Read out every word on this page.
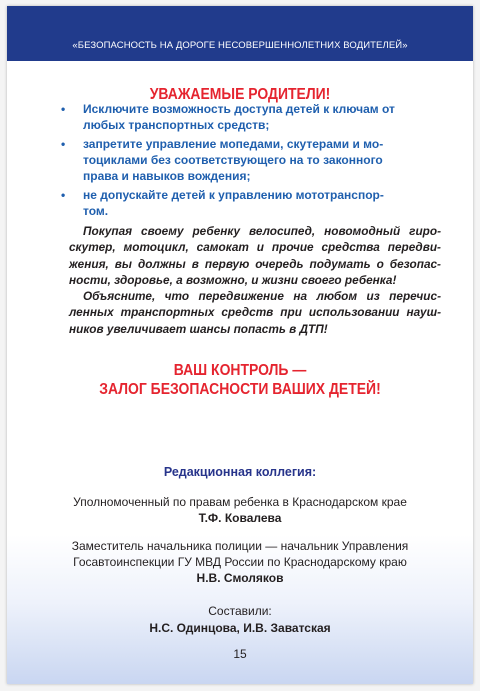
«БЕЗОПАСНОСТЬ НА ДОРОГЕ НЕСОВЕРШЕННОЛЕТНИХ ВОДИТЕЛЕЙ»
УВАЖАЕМЫЕ РОДИТЕЛИ!
• Исключите возможность доступа детей к ключам от
любых транспортных средств;
• запретите управление мопедами, скутерами и мо-
тоциклами без соответствующего на то законного
права и навыков вождения;
• не допускайте детей к управлению мототранспор-
том.

Покупая своему ребенку велосипед, новомодный гиро-скутер, мотоцикл, самокат и прочие средства передви-жения, вы должны в первую очередь подумать о безопас-ности, здоровье, а возможно, и жизни своего ребенка!

Объясните, что передвижение на любом из перечис-ленных транспортных средств при использовании науш-ников увеличивает шансы попасть в ДТП!

ВАШ КОНТРОЛЬ —
ЗАЛОГ БЕЗОПАСНОСТИ ВАШИХ ДЕТЕЙ!
Редакционная коллегия:
Уполномоченный по правам ребенка в Краснодарском крае
Т.Ф. Ковалева
Заместитель начальника полиции — начальник Управления
Госавтоинспекции ГУ МВД России по Краснодарскому краю
Н.В. Смоляков
Составили:
Н.С. Одинцова, И.В. Заватская
15
